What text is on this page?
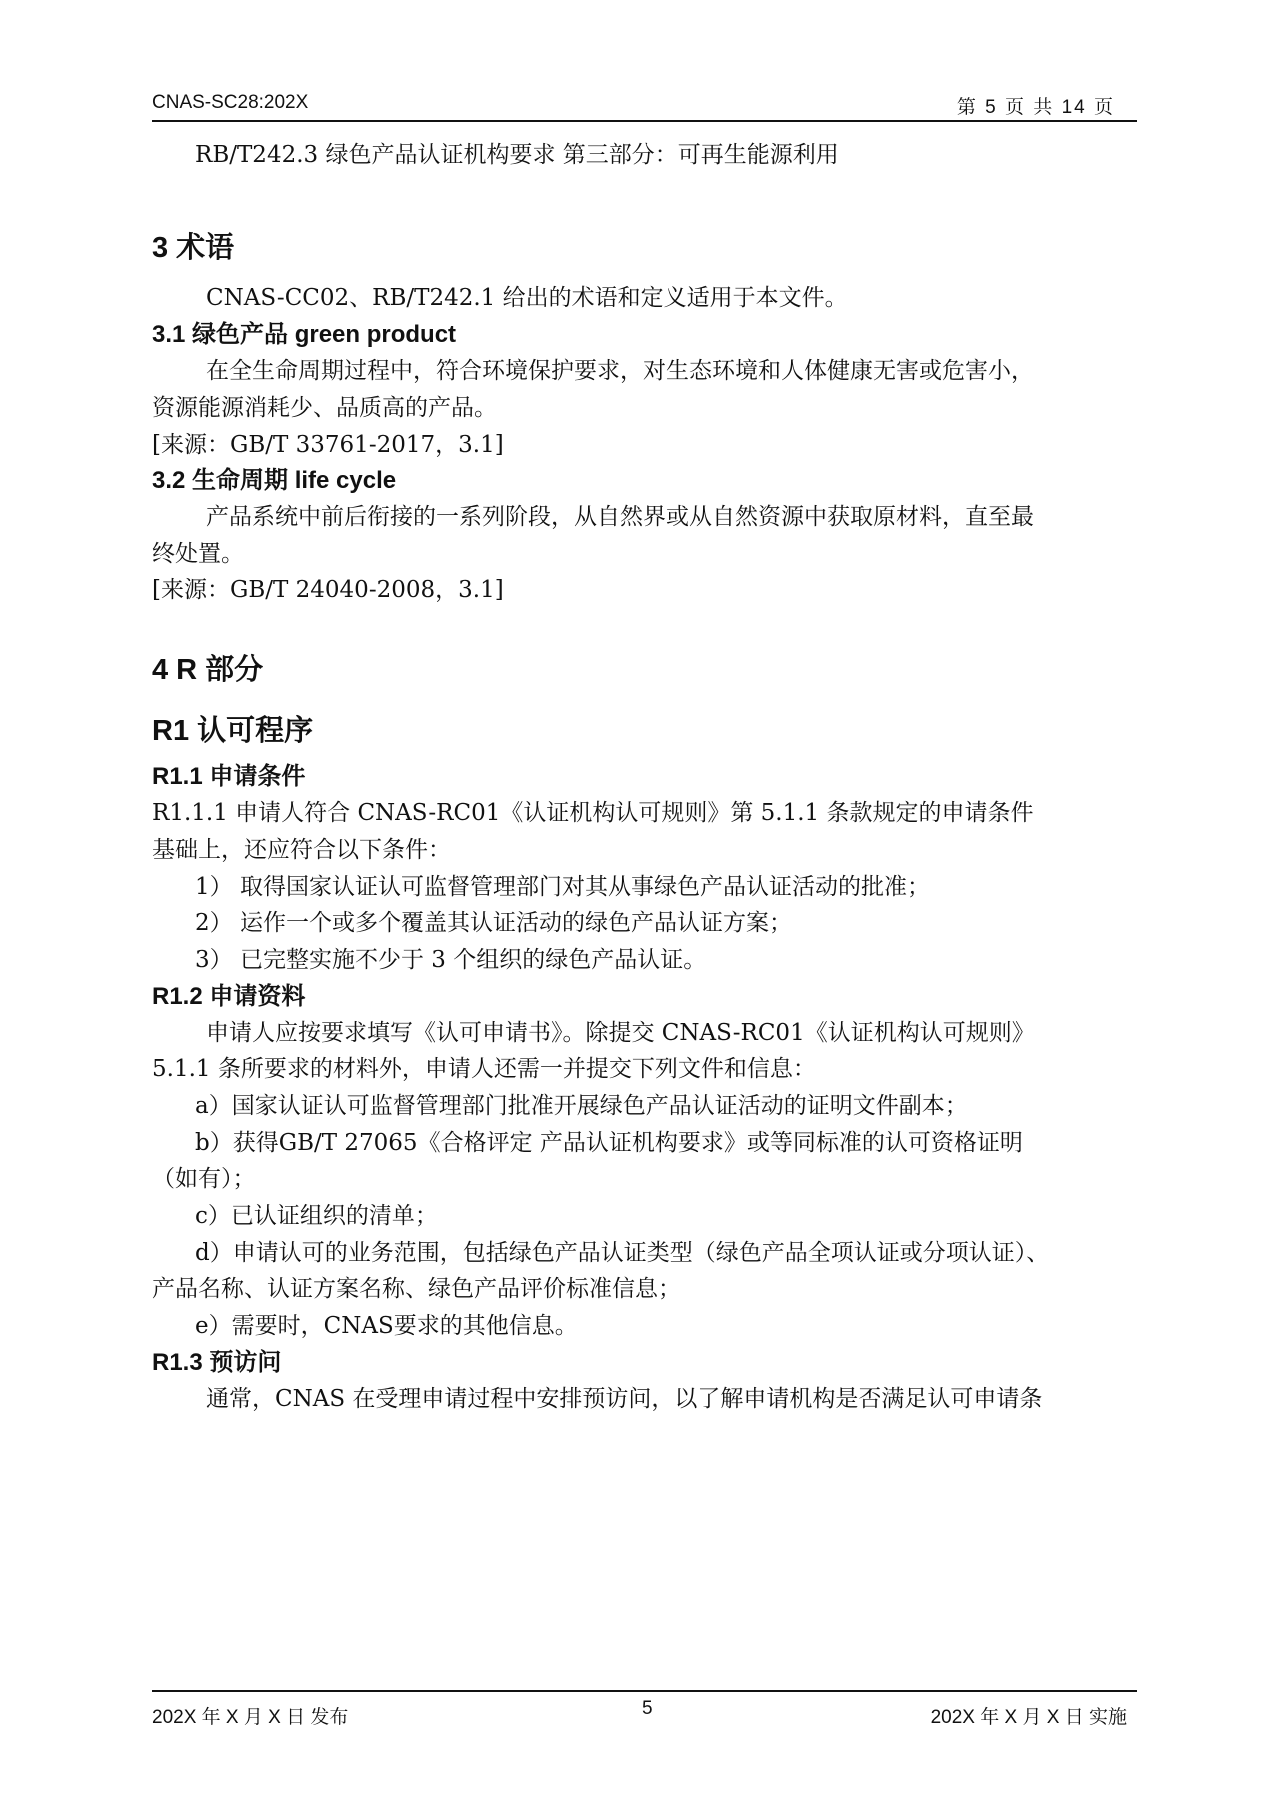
CNAS-SC28:202X	第 5 页 共 14 页
RB/T242.3 绿色产品认证机构要求 第三部分：可再生能源利用
3 术语
CNAS-CC02、RB/T242.1 给出的术语和定义适用于本文件。
3.1 绿色产品 green product
在全生命周期过程中，符合环境保护要求，对生态环境和人体健康无害或危害小，
资源能源消耗少、品质高的产品。
[来源：GB/T 33761-2017，3.1]
3.2 生命周期 life cycle
产品系统中前后衔接的一系列阶段，从自然界或从自然资源中获取原材料，直至最
终处置。
[来源：GB/T 24040-2008，3.1]
4 R 部分
R1 认可程序
R1.1 申请条件
R1.1.1 申请人符合 CNAS-RC01《认证机构认可规则》第 5.1.1 条款规定的申请条件
基础上，还应符合以下条件：
1） 取得国家认证认可监督管理部门对其从事绿色产品认证活动的批准；
2） 运作一个或多个覆盖其认证活动的绿色产品认证方案；
3） 已完整实施不少于 3 个组织的绿色产品认证。
R1.2 申请资料
申请人应按要求填写《认可申请书》。除提交 CNAS-RC01《认证机构认可规则》
5.1.1 条所要求的材料外，申请人还需一并提交下列文件和信息：
a）国家认证认可监督管理部门批准开展绿色产品认证活动的证明文件副本；
b）获得GB/T 27065《合格评定 产品认证机构要求》或等同标准的认可资格证明
（如有）；
c）已认证组织的清单；
d）申请认可的业务范围，包括绿色产品认证类型（绿色产品全项认证或分项认证）、
产品名称、认证方案名称、绿色产品评价标准信息；
e）需要时，CNAS要求的其他信息。
R1.3 预访问
通常，CNAS 在受理申请过程中安排预访问，以了解申请机构是否满足认可申请条
202X 年 X 月 X 日 发布	5	202X 年 X 月 X 日 实施
